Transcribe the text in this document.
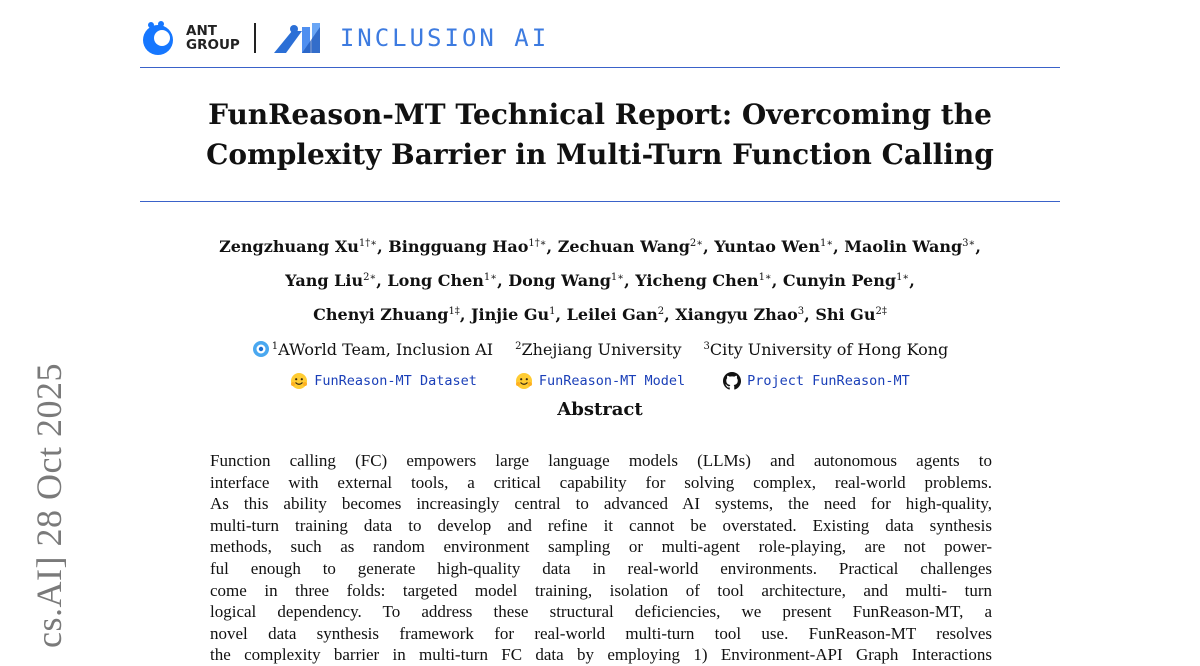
ANT
GROUP	INCLUSION AI
FunReason-MT Technical Report: Overcoming the
Complexity Barrier in Multi-Turn Function Calling
Zengzhuang $Xu^{1\dagger∗}$, Bingguang Hao$^{1\dagger∗}$, Zechuan Wang$^{2∗}$, Yuntao Wen$^{1∗}$, Maolin Wang$^{3∗}$,
Yang Liu$^{2∗}$, Long Chen$^{1∗}$, Dong Wang$^{1∗}$, Yicheng Chen$^{1∗}$, Cunyin Peng$^{1∗}$,
Chenyi Zhuang$^{1\ddagger}$, Jinjie Gu$^1$, Leilei Gan$^2$, Xiangyu Zhao$^3$, Shi $Gu^{2\ddagger}$
$^1$AWorld Team, Inclusion AI $^2$Zhejiang University $^3$City University of Hong Kong
FunReason-MT Dataset	FunReason-MT Model	Project FunReason-MT
Abstract
Function calling (FC) empowers large language models (LLMs) and autonomous agents to
interface with external tools, a critical capability for solving complex, real-world problems.
As this ability becomes increasingly central to advanced AI systems, the need for high-quality,
multi-turn training data to develop and refine it cannot be overstated. Existing data synthesis
methods, such as random environment sampling or multi-agent role-playing, are not power-
ful enough to generate high-quality data in real-world environments. Practical challenges
come in three folds: targeted model training, isolation of tool architecture, and multi- turn
logical dependency. To address these structural deficiencies, we present FunReason-MT, a
novel data synthesis framework for real-world multi-turn tool use. FunReason-MT resolves
the complexity barrier in multi-turn FC data by employing 1) Environment-API Graph Interactions
cs.AI] 28 Oct 2025
